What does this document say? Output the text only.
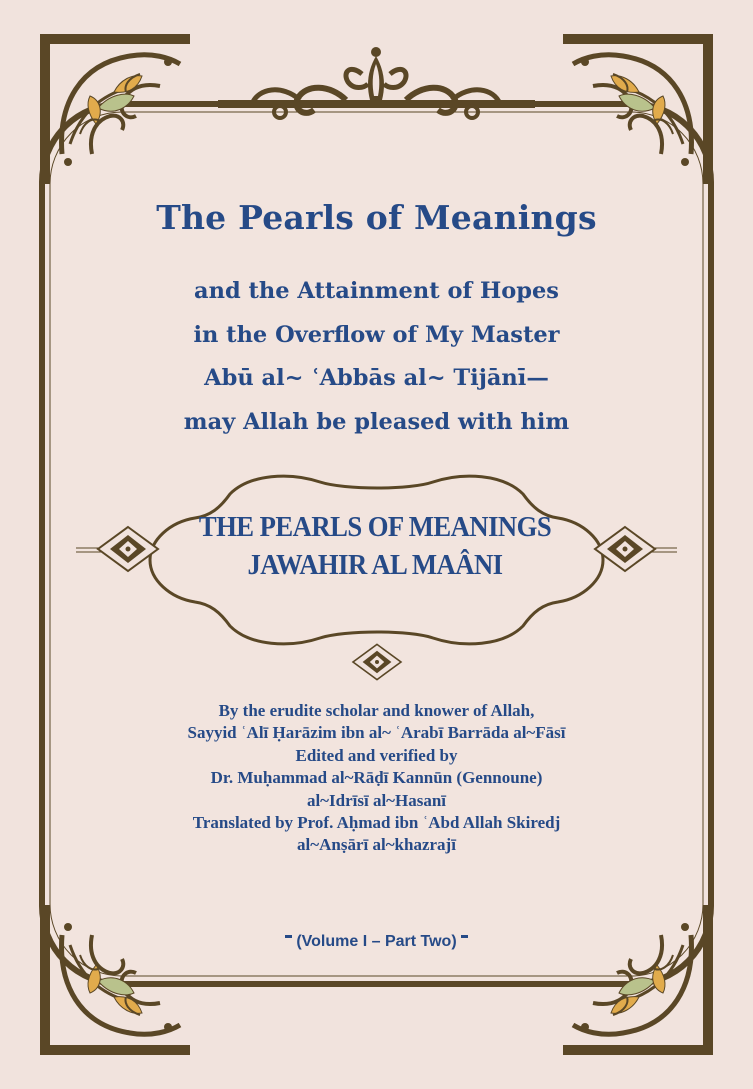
The Pearls of Meanings
and the Attainment of Hopes
in the Overflow of My Master
Abū al~ ʿAbbās al~ Tijānī—
may Allah be pleased with him
THE PEARLS OF MEANINGS
JAWAHIR AL MAÂNI
By the erudite scholar and knower of Allah,
Sayyid ʿAlī Ḥarāzim ibn al~ ʿArabī Barrāda al~Fāsī
Edited and verified by
Dr. Muḥammad al~Rāḍī Kannūn (Gennoune)
al~Idrīsī al~Hasanī
Translated by Prof. Aḥmad ibn ʿAbd Allah Skiredj
al~Anṣārī al~khazrajī
(Volume I – Part Two)
